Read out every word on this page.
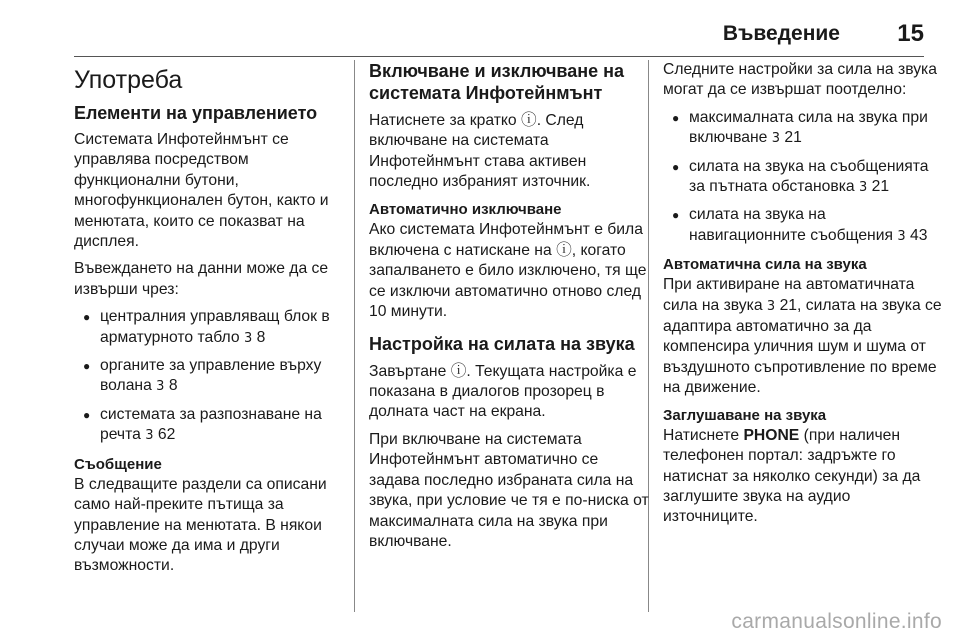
Въведение 15
Употреба
Елементи на управлението

Системата Инфотейнмънт се управлява посредством функционални бутони, многофункционален бутон, както и менютата, които се показват на дисплея.

Въвеждането на данни може да се извърши чрез:

● централния управляващ блок в арматурното табло 3 8
● органите за управление върху волана 3 8
● системата за разпознаване на речта 3 62
Съобщение

В следващите раздели са описани само най-преките пътища за управление на менютата. В някои случаи може да има и други възможности.

Включване и изключване на системата Инфотейнмънт

Натиснете за кратко ⓘ. След включване на системата Инфотейнмънт става активен последно избраният източник.

Автоматично изключване

Ако системата Инфотейнмънт е била включена с натискане на ⓘ, когато запалването е било изключено, тя ще се изключи автоматично отново след 10 минути.

Настройка на силата на звука

Завъртане ⓘ. Текущата настройка е показана в диалогов прозорец в долната част на екрана.

При включване на системата Инфотейнмънт автоматично се задава последно избраната сила на звука, при условие че тя е по-ниска от максималната сила на звука при включване.

Следните настройки за сила на звука могат да се извършат поотделно:

● максималната сила на звука при включване 3 21
● силата на звука на съобщенията за пътната обстановка 3 21
● силата на звука на навигационните съобщения 3 43
Автоматична сила на звука

При активиране на автоматичната сила на звука 3 21, силата на звука се адаптира автоматично за да компенсира уличния шум и шума от въздушното съпротивление по време на движение.

Заглушаване на звука

Натиснете PHONE (при наличен телефонен портал: задръжте го натиснат за няколко секунди) за да заглушите звука на аудио източниците.

carmanualsonline.info
